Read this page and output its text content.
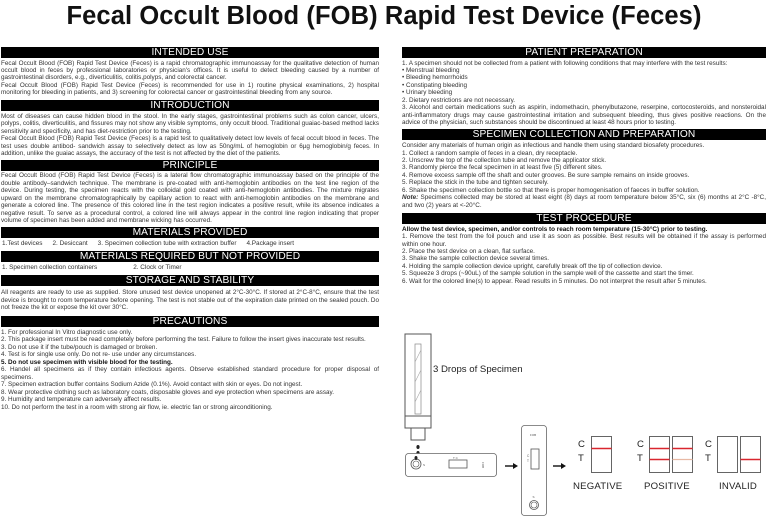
Fecal Occult Blood (FOB) Rapid Test Device (Feces)
INTENDED USE

Fecal Occult Blood (FOB) Rapid Test Device (Feces) is a rapid chromatographic immunoassay for the qualitative detection of human occult blood in feces by professional laboratories or physician's offices. It is useful to detect bleeding caused by a number of gastrointestinal disorders, e.g., diverticulitis, colitis,polyps, and colorectal cancer.

Fecal Occult Blood (FOB) Rapid Test Device (Feces) is recommended for use in 1) routine physical examinations, 2) hospital monitoring for bleeding in patients, and 3) screening for colorectal cancer or gastrointestinal bleeding from any source.

INTRODUCTION

Most of diseases can cause hidden blood in the stool. In the early stages, gastrointestinal problems such as colon cancer, ulcers, polyps, colitis, diverticulitis, and fissures may not show any visible symptoms, only occult blood. Traditional guaiac-based method lacks sensitivity and specificity, and has diet-restriction prior to the testing.

Fecal Occult Blood (FOB) Rapid Test Device (Feces) is a rapid test to qualitatively detect low levels of fecal occult blood in feces. The test uses double antibod- sandwich assay to selectively detect as low as 50ng/mL of hemoglobin or 6µg hemoglobin/g feces. In addition, unlike the guaiac assays, the accuracy of the test is not affected by the diet of the patients.

PRINCIPLE

Fecal Occult Blood (FOB) Rapid Test Device (Feces) is a lateral flow chromatographic immunoassay based on the principle of the double antibody–sandwich technique. The membrane is pre-coated with anti-hemoglobin antibodies on the test line region of the device. During testing, the specimen reacts with the colloidal gold coated with anti-hemoglobin antibodies. The mixture migrates upward on the membrane chromatographically by capillary action to react with anti-hemoglobin antibodies on the membrane and generate a colored line. The presence of this colored line in the test region indicates a positive result, while its absence indicates a negative result. To serve as a procedural control, a colored line will always appear in the control line region indicating that proper volume of specimen has been added and membrane wicking has occurred.

MATERIALS PROVIDED
1.Test devices 2. Desiccant 3. Specimen collection tube with extraction buffer 4.Package insert
MATERIALS REQUIRED BUT NOT PROVIDED
1. Specimen collection containers	2. Clock or Timer
STORAGE AND STABILITY

All reagents are ready to use as supplied. Store unused test device unopened at 2°C-30°C. If stored at 2°C-8°C, ensure that the test device is brought to room temperature before opening. The test is not stable out of the expiration date printed on the sealed pouch. Do not freeze the kit or expose the kit over 30°C.

PRECAUTIONS

1. For professional In Vitro diagnostic use only.

2. This package insert must be read completely before performing the test. Failure to follow the insert gives inaccurate test results.

3. Do not use it if the tube/pouch is damaged or broken.

4. Test is for single use only. Do not re- use under any circumstances.

5. Do not use specimen with visible blood for the testing.

6. Handel all specimens as if they contain infectious agents. Observe established standard procedure for proper disposal of specimens.

7. Specimen extraction buffer contains Sodium Azide (0.1%). Avoid contact with skin or eyes. Do not ingest.

8. Wear protective clothing such as laboratory coats, disposable gloves and eye protection when specimens are assay.

9. Humidity and temperature can adversely affect results.

10. Do not perform the test in a room with strong air flow, ie. electric fan or strong airconditioning.

PATIENT PREPARATION

1. A specimen should not be collected from a patient with following conditions that may interfere with the test results:

• Menstrual bleeding

• Bleeding hemorrhoids

• Constipating bleeding

• Urinary bleeding

2. Dietary restrictions are not necessary.

3. Alcohol and certain medications such as aspirin, indomethacin, phenylbutazone, reserpine, cortocosteroids, and nonsteroidal anti-inflammatory drugs may cause gastrointestinal irritation and subsequent bleeding, thus gives positive reactions. On the advice of the physician, such substances should be discontinued at least 48 hours prior to testing.

SPECIMEN COLLECTION AND PREPARATION

Consider any materials of human origin as infectious and handle them using standard biosafety procedures.

1. Collect a random sample of feces in a clean, dry receptacle.

2. Unscrew the top of the collection tube and remove the applicator stick.

3. Randomly pierce the fecal specimen in at least five (5) different sites.

4. Remove excess sample off the shaft and outer grooves. Be sure sample remains on inside grooves.

5. Replace the stick in the tube and tighten securely.

6. Shake the specimen collection bottle so that there is proper homogenisation of faeces in buffer solution.

Note: Specimens collected may be stored at least eight (8) days at room temperature below 35°C, six (6) months at 2°C -8°C, and two (2) years at <-20°C.

TEST PROCEDURE

Allow the test device, specimen, and/or controls to reach room temperature (15-30°C) prior to testing.

1. Remove the test from the foil pouch and use it as soon as possible. Best results will be obtained if the assay is performed within one hour.

2. Place the test device on a clean, flat surface.

3. Shake the sample collection device several times.

4. Holding the sample collection device upright, carefully break off the tip of collection device.

5. Squeeze 3 drops (~90uL) of the sample solution in the sample well of the cassette and start the timer.

6. Wait for the colored line(s) to appear. Read results in 5 minutes. Do not interpret the result after 5 minutes.

3 Drops of Specimen
S
T C
FOB
FOB
C
T
S
C
T
NEGATIVE
C
T
POSITIVE
C
T
INVALID
